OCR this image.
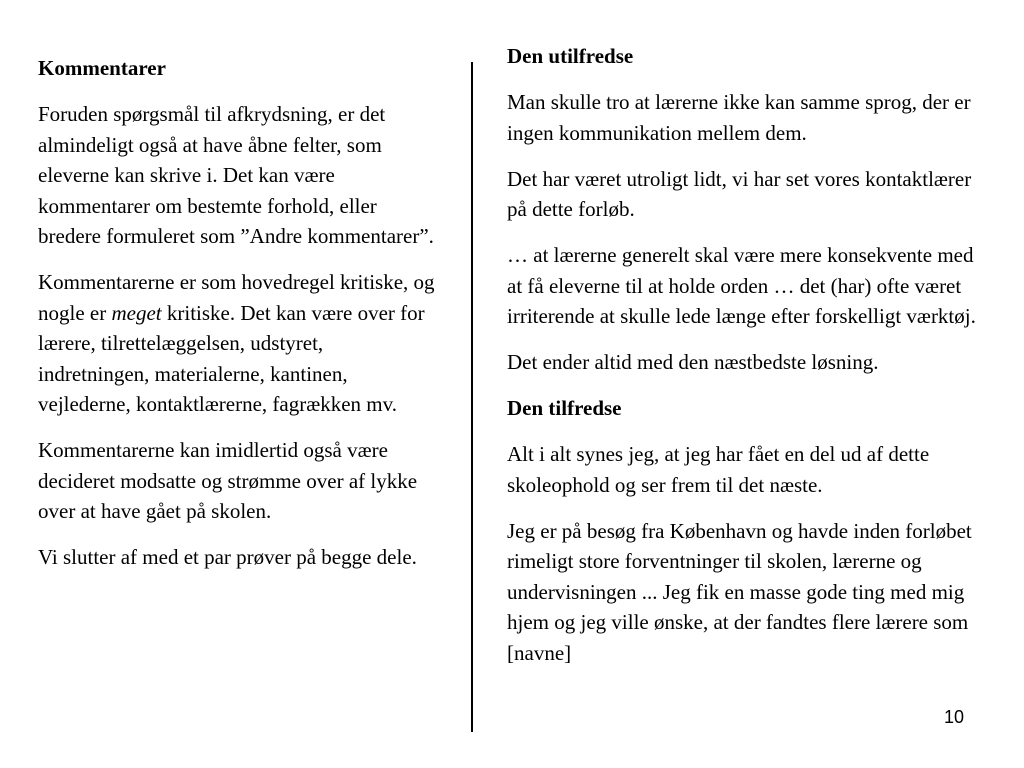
Kommentarer

Foruden spørgsmål til afkrydsning, er det almindeligt også at have åbne felter, som eleverne kan skrive i. Det kan være kommentarer om bestemte forhold, eller bredere formuleret som ”Andre kommentarer”.

Kommentarerne er som hovedregel kritiske, og nogle er meget kritiske. Det kan være over for lærere, tilrettelæggelsen, udstyret, indretningen, materialerne, kantinen, vejlederne, kontaktlærerne, fagrækken mv.

Kommentarerne kan imidlertid også være decideret modsatte og strømme over af lykke over at have gået på skolen.

Vi slutter af med et par prøver på begge dele.

Den utilfredse

Man skulle tro at lærerne ikke kan samme sprog, der er ingen kommunikation mellem dem.

Det har været utroligt lidt, vi har set vores kontaktlærer på dette forløb.

… at lærerne generelt skal være mere konsekvente med at få eleverne til at holde orden … det (har) ofte været irriterende at skulle lede længe efter forskelligt værktøj.

Det ender altid med den næstbedste løsning.

Den tilfredse

Alt i alt synes jeg, at jeg har fået en del ud af dette skoleophold og ser frem til det næste.

Jeg er på besøg fra København og havde inden forløbet rimeligt store forventninger til skolen, lærerne og undervisningen ... Jeg fik en masse gode ting med mig hjem og jeg ville ønske, at der fandtes flere lærere som [navne]

10
